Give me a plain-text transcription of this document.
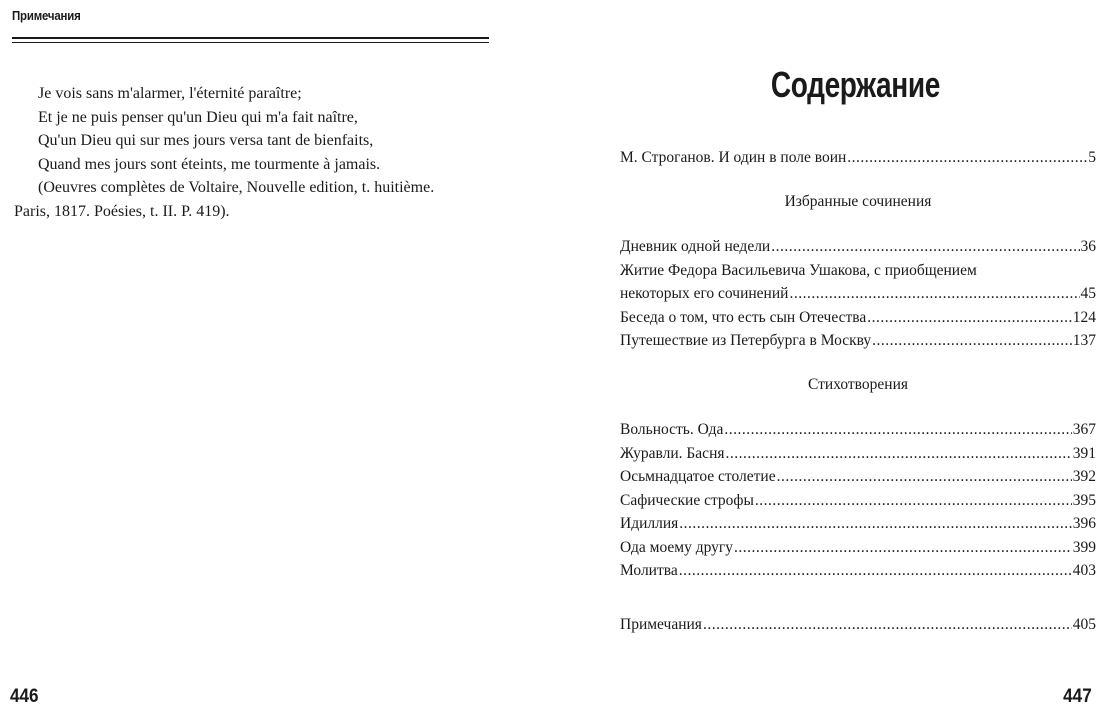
Примечания
Je vois sans m'alarmer, l'éternité paraître;
Et je ne puis penser qu'un Dieu qui m'a fait naître,
Qu'un Dieu qui sur mes jours versa tant de bienfaits,
Quand mes jours sont éteints, me tourmente à jamais.
(Oeuvres complètes de Voltaire, Nouvelle edition, t. huitième.
Paris, 1817. Poésies, t. II. P. 419).
446
Содержание
М. Строганов. И один в поле воин .....	5
Избранные сочинения
Дневник одной недели .....	36
Житие Федора Васильевича Ушакова, с приобщением
некоторых его сочинений .....	45
Беседа о том, что есть сын Отечества .....	124
Путешествие из Петербурга в Москву .....	137
Стихотворения
Вольность. Ода .....	367
Журавли. Басня .....	391
Осьмнадцатое столетие .....	392
Сафические строфы .....	395
Идиллия .....	396
Ода моему другу .....	399
Молитва .....	403
Примечания .....	405
447
